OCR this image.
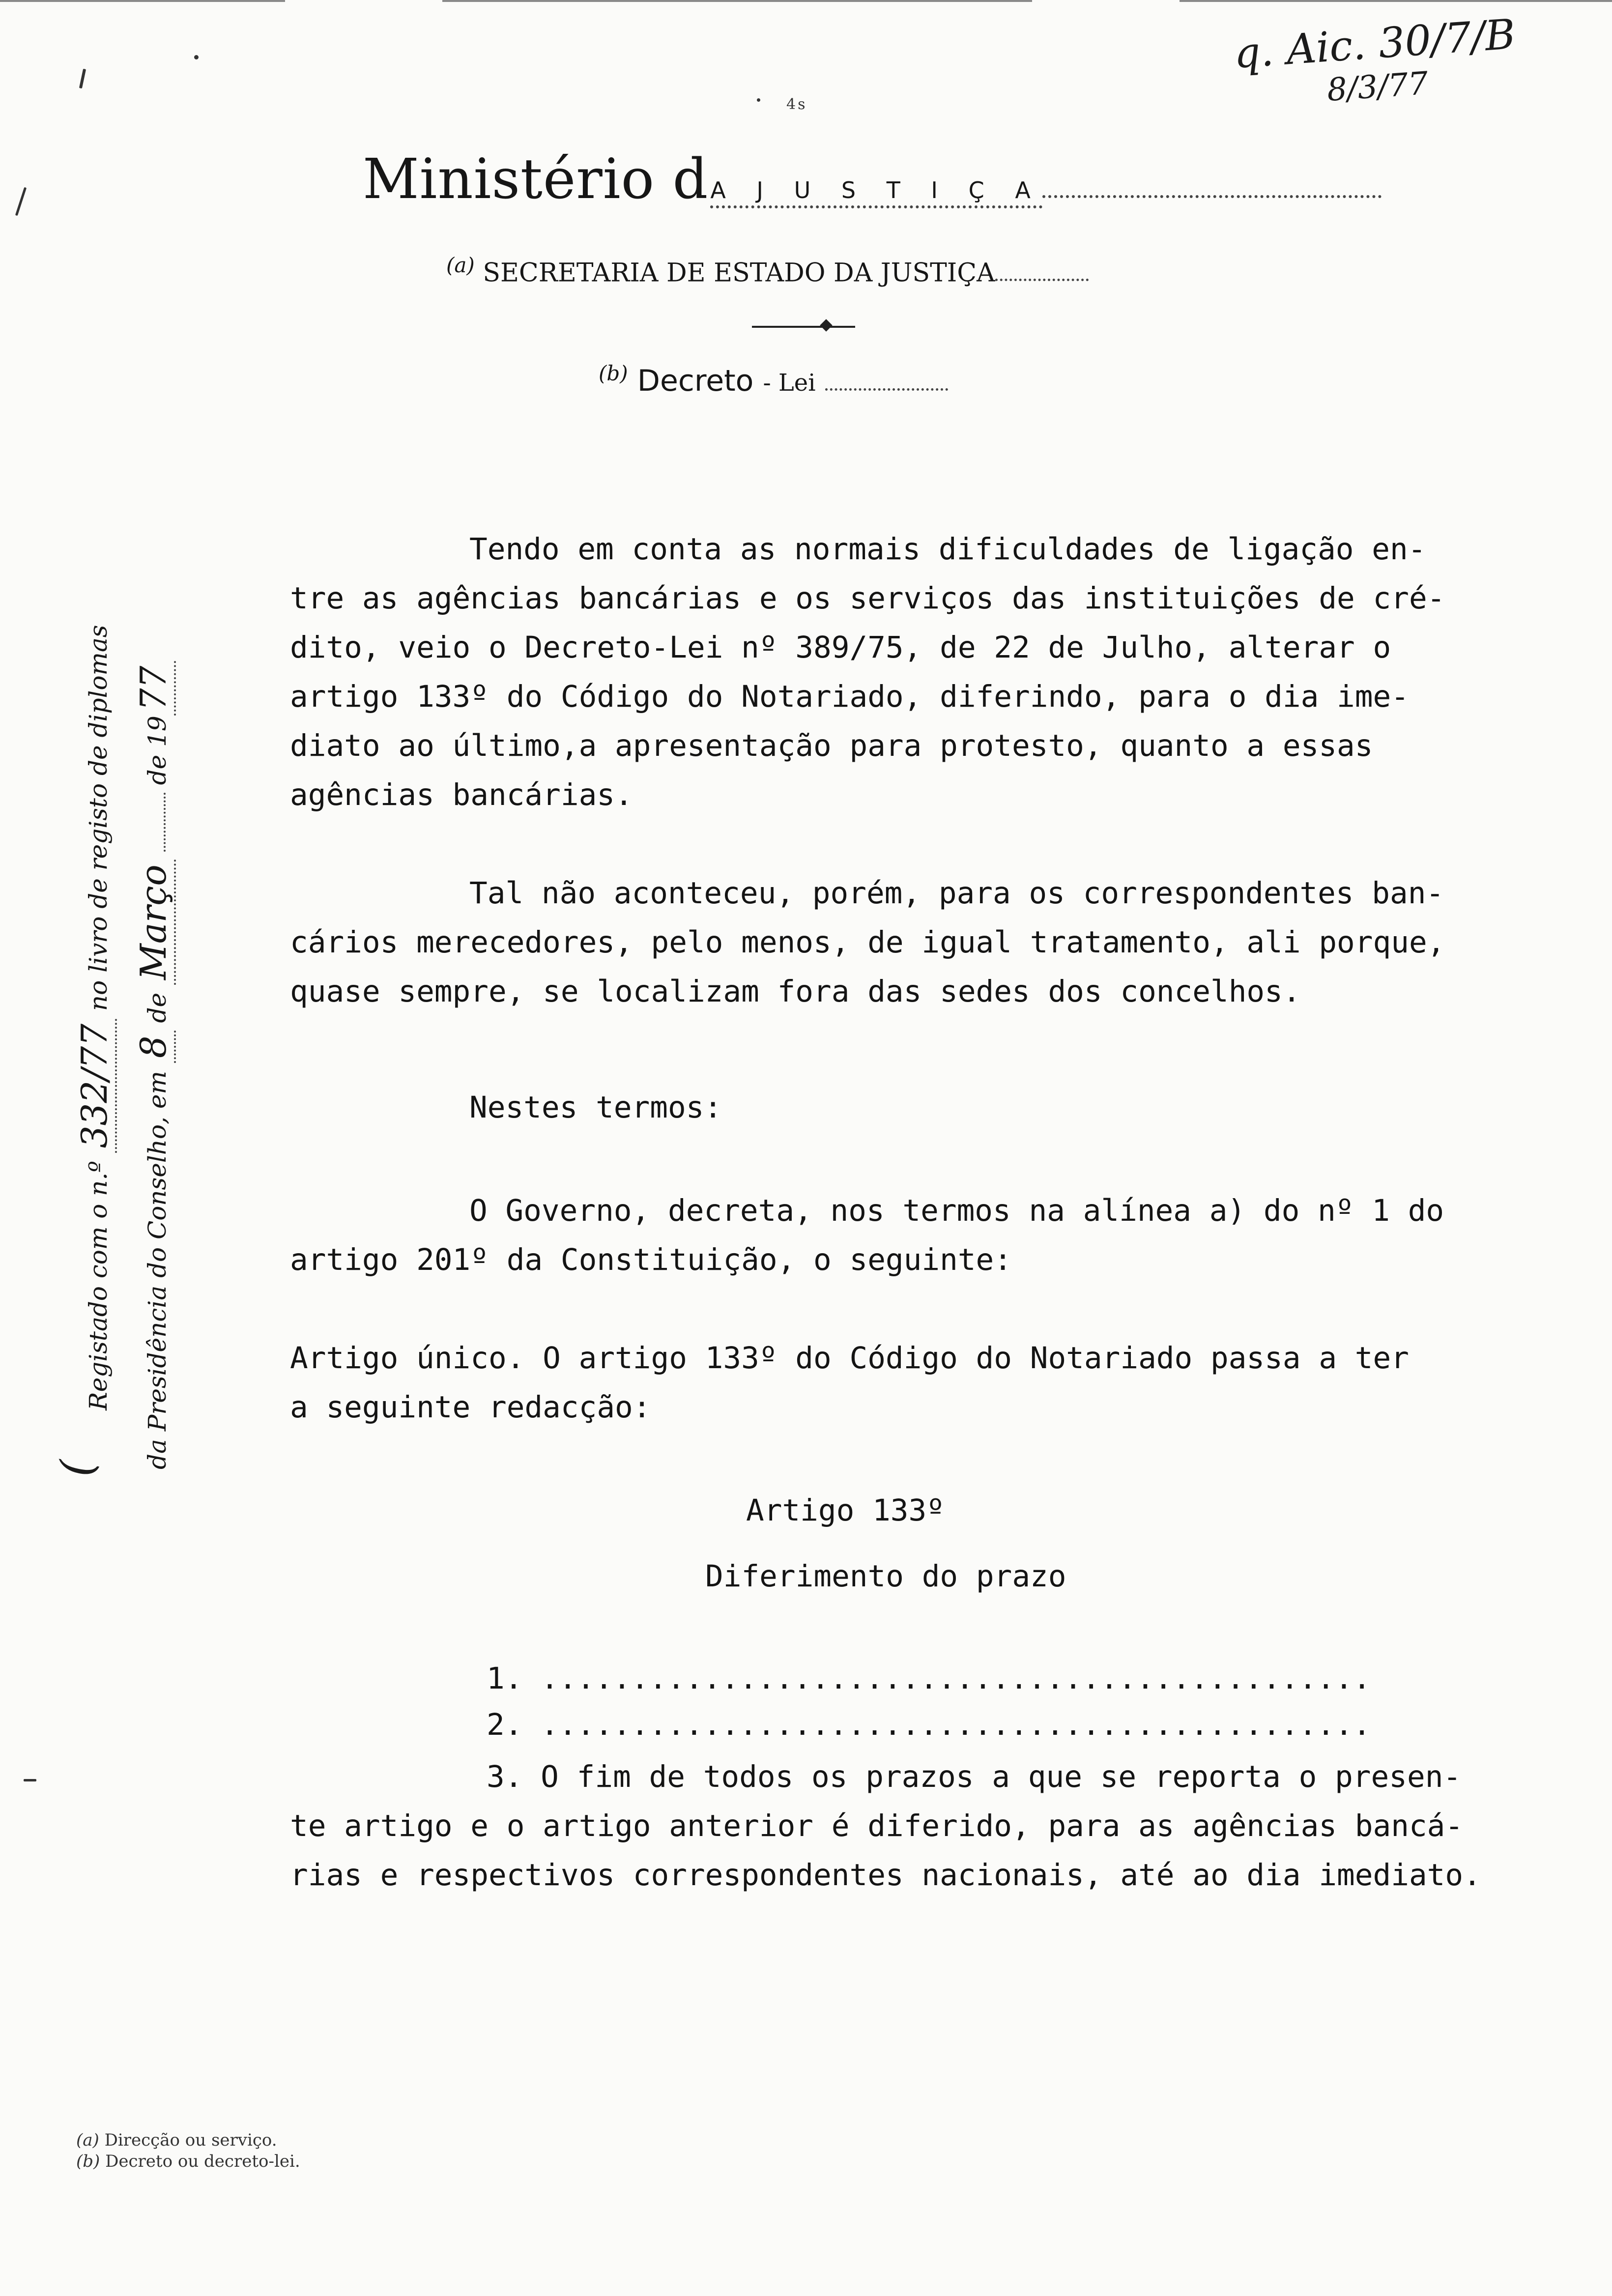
q. Aic. 30/7/B
8/3/77
4s
Ministério dA J U S T I Ç A
$^{(a)}$ SECRETARIA DE ESTADO DA JUSTIÇA
$^{(b)}$ Decreto - Lei
Registado com o n.º 332/77 no livro de registo de diplomas
da Presidência do Conselho, em 8 de Março  de 1977
(
Tendo em conta as normais dificuldades de ligação en-
tre as agências bancárias e os serviços das instituições de cré-
dito, veio o Decreto-Lei nº 389/75, de 22 de Julho, alterar o
artigo 133º do Código do Notariado, diferindo, para o dia ime-
diato ao último,a apresentação para protesto, quanto a essas
agências bancárias.
Tal não aconteceu, porém, para os correspondentes ban-
cários merecedores, pelo menos, de igual tratamento, ali porque,
quase sempre, se localizam fora das sedes dos concelhos.
Nestes termos:
O Governo, decreta, nos termos na alínea a) do nº 1 do
artigo 201º da Constituição, o seguinte:
Artigo único. O artigo 133º do Código do Notariado passa a ter
a seguinte redacção:
Artigo 133º
Diferimento do prazo
1. ..............................................
2. ..............................................
3. O fim de todos os prazos a que se reporta o presen-
te artigo e o artigo anterior é diferido, para as agências bancá-
rias e respectivos correspondentes nacionais, até ao dia imediato.
(a) Direcção ou serviço.
(b) Decreto ou decreto-lei.
